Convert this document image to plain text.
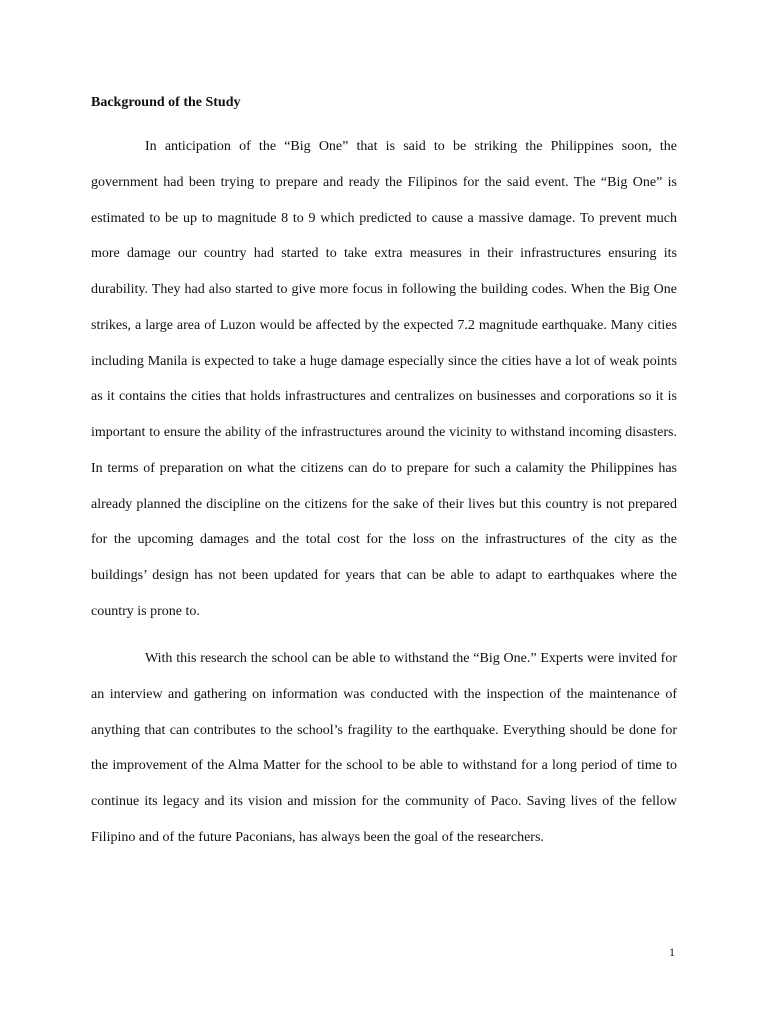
Background of the Study

In anticipation of the “Big One” that is said to be striking the Philippines soon, the government had been trying to prepare and ready the Filipinos for the said event. The “Big One” is estimated to be up to magnitude 8 to 9 which predicted to cause a massive damage. To prevent much more damage our country had started to take extra measures in their infrastructures ensuring its durability. They had also started to give more focus in following the building codes. When the Big One strikes, a large area of Luzon would be affected by the expected 7.2 magnitude earthquake. Many cities including Manila is expected to take a huge damage especially since the cities have a lot of weak points as it contains the cities that holds infrastructures and centralizes on businesses and corporations so it is important to ensure the ability of the infrastructures around the vicinity to withstand incoming disasters. In terms of preparation on what the citizens can do to prepare for such a calamity the Philippines has already planned the discipline on the citizens for the sake of their lives but this country is not prepared for the upcoming damages and the total cost for the loss on the infrastructures of the city as the buildings’ design has not been updated for years that can be able to adapt to earthquakes where the country is prone to.

With this research the school can be able to withstand the “Big One.” Experts were invited for an interview and gathering on information was conducted with the inspection of the maintenance of anything that can contributes to the school’s fragility to the earthquake. Everything should be done for the improvement of the Alma Matter for the school to be able to withstand for a long period of time to continue its legacy and its vision and mission for the community of Paco. Saving lives of the fellow Filipino and of the future Paconians, has always been the goal of the researchers.

1
